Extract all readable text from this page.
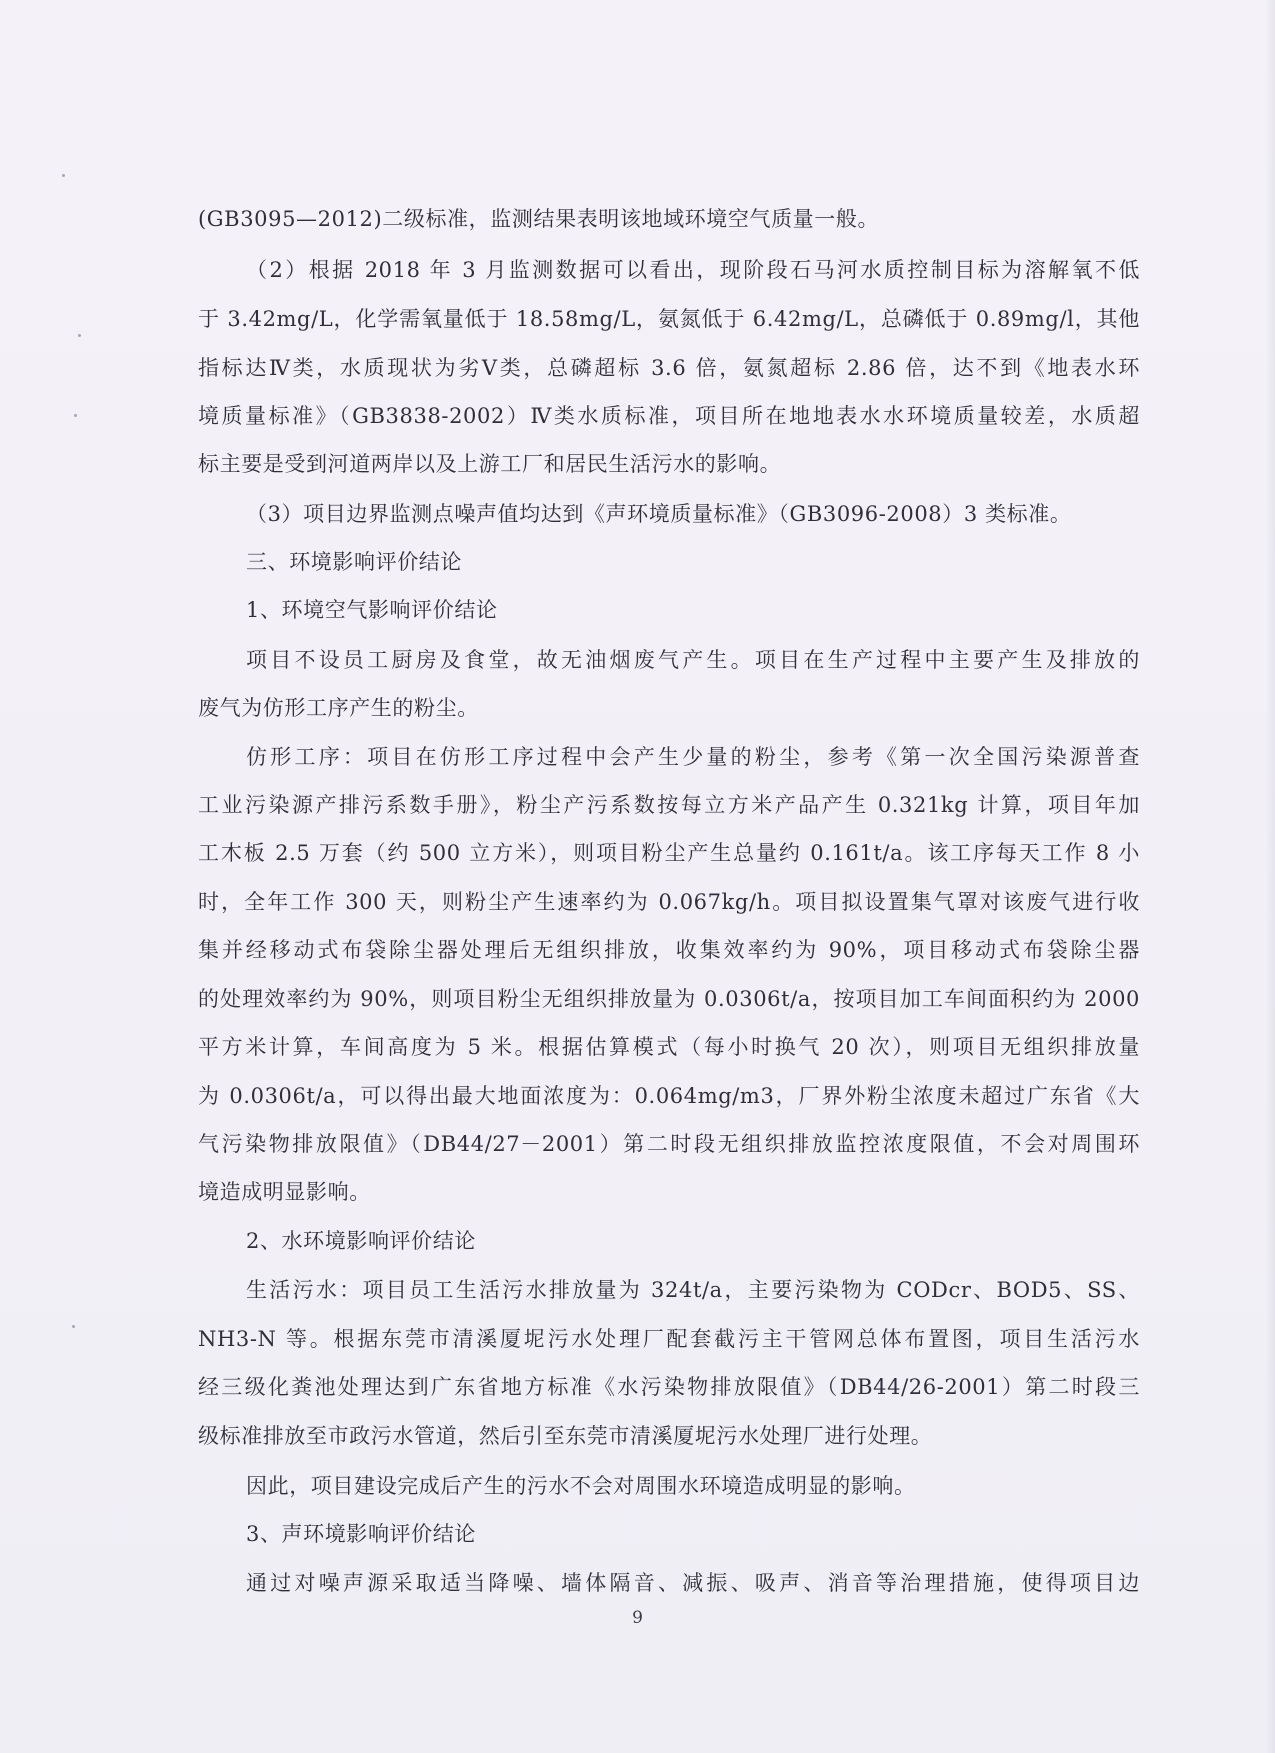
(GB3095—2012)二级标准，监测结果表明该地域环境空气质量一般。
（2）根据 2018 年 3 月监测数据可以看出，现阶段石马河水质控制目标为溶解氧不低
于 3.42mg/L，化学需氧量低于 18.58mg/L，氨氮低于 6.42mg/L，总磷低于 0.89mg/l，其他
指标达Ⅳ类，水质现状为劣Ⅴ类，总磷超标 3.6 倍，氨氮超标 2.86 倍，达不到《地表水环
境质量标准》（GB3838-2002）Ⅳ类水质标准，项目所在地地表水水环境质量较差，水质超
标主要是受到河道两岸以及上游工厂和居民生活污水的影响。
（3）项目边界监测点噪声值均达到《声环境质量标准》（GB3096-2008）3 类标准。
三、环境影响评价结论
1、环境空气影响评价结论
项目不设员工厨房及食堂，故无油烟废气产生。项目在生产过程中主要产生及排放的
废气为仿形工序产生的粉尘。
仿形工序：项目在仿形工序过程中会产生少量的粉尘，参考《第一次全国污染源普查
工业污染源产排污系数手册》，粉尘产污系数按每立方米产品产生 0.321kg 计算，项目年加
工木板 2.5 万套（约 500 立方米），则项目粉尘产生总量约 0.161t/a。该工序每天工作 8 小
时，全年工作 300 天，则粉尘产生速率约为 0.067kg/h。项目拟设置集气罩对该废气进行收
集并经移动式布袋除尘器处理后无组织排放，收集效率约为 90%，项目移动式布袋除尘器
的处理效率约为 90%，则项目粉尘无组织排放量为 0.0306t/a，按项目加工车间面积约为 2000
平方米计算，车间高度为 5 米。根据估算模式（每小时换气 20 次），则项目无组织排放量
为 0.0306t/a，可以得出最大地面浓度为：0.064mg/m3，厂界外粉尘浓度未超过广东省《大
气污染物排放限值》（DB44/27－2001）第二时段无组织排放监控浓度限值，不会对周围环
境造成明显影响。
2、水环境影响评价结论
生活污水：项目员工生活污水排放量为 324t/a，主要污染物为 CODcr、BOD5、SS、
NH3-N 等。根据东莞市清溪厦坭污水处理厂配套截污主干管网总体布置图，项目生活污水
经三级化粪池处理达到广东省地方标准《水污染物排放限值》（DB44/26-2001）第二时段三
级标准排放至市政污水管道，然后引至东莞市清溪厦坭污水处理厂进行处理。
因此，项目建设完成后产生的污水不会对周围水环境造成明显的影响。
3、声环境影响评价结论
通过对噪声源采取适当降噪、墙体隔音、减振、吸声、消音等治理措施，使得项目边
9
